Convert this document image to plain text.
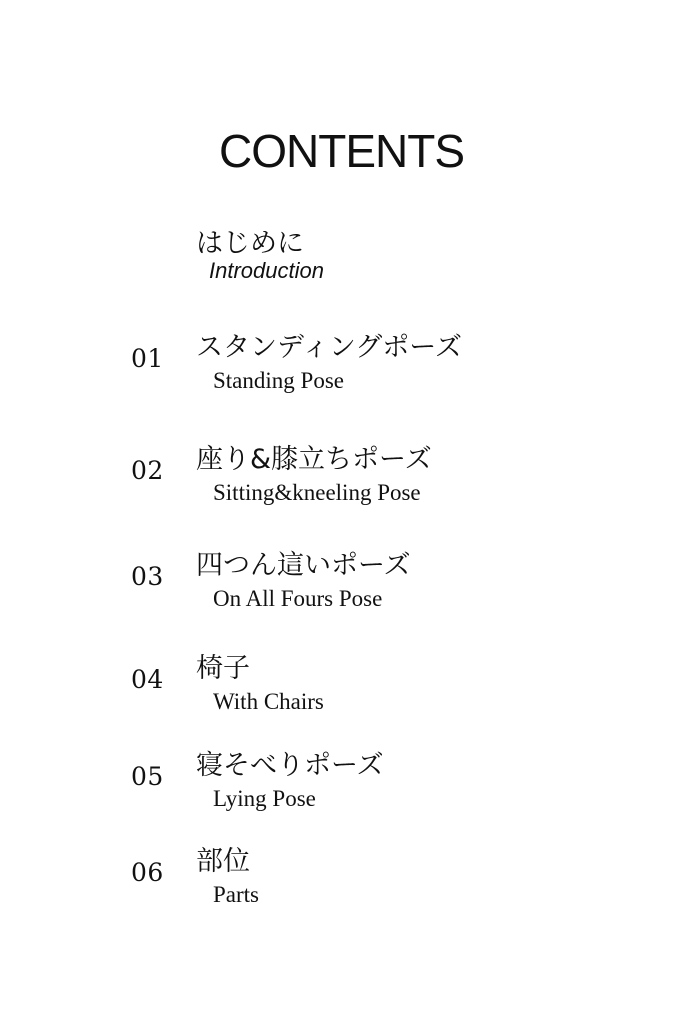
CONTENTS
はじめに
Introduction
01 スタンディングポーズ
Standing Pose
02 座り&膝立ちポーズ
Sitting&kneeling Pose
03 四つん這いポーズ
On All Fours Pose
04 椅子
With Chairs
05 寝そべりポーズ
Lying Pose
06 部位
Parts
